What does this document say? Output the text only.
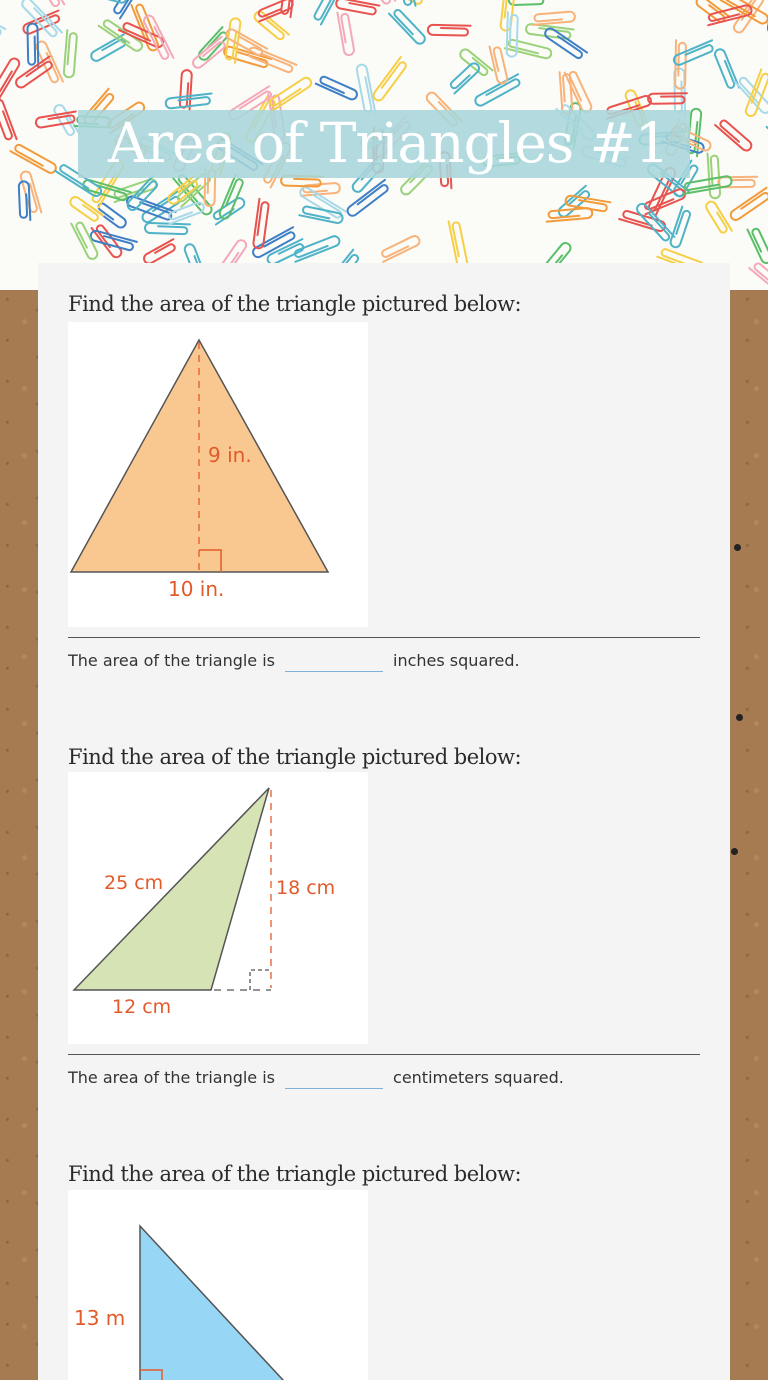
Area of Triangles #1
Find the area of the triangle pictured below:
9 in.
10 in.
The area of the triangle is	inches squared.
Find the area of the triangle pictured below:
25 cm	18 cm
12 cm
The area of the triangle is	centimeters squared.
Find the area of the triangle pictured below:
13 m
